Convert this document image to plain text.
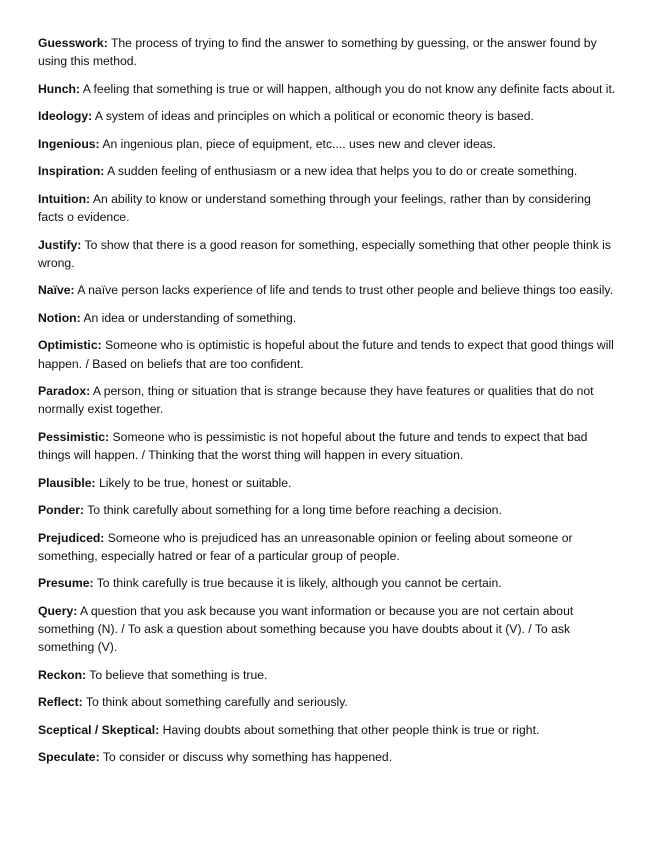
Guesswork: The process of trying to find the answer to something by guessing, or the answer found by using this method.

Hunch: A feeling that something is true or will happen, although you do not know any definite facts about it.

Ideology: A system of ideas and principles on which a political or economic theory is based.

Ingenious: An ingenious plan, piece of equipment, etc.... uses new and clever ideas.

Inspiration: A sudden feeling of enthusiasm or a new idea that helps you to do or create something.

Intuition: An ability to know or understand something through your feelings, rather than by considering facts o evidence.

Justify: To show that there is a good reason for something, especially something that other people think is wrong.

Naïve: A naïve person lacks experience of life and tends to trust other people and believe things too easily.

Notion: An idea or understanding of something.

Optimistic: Someone who is optimistic is hopeful about the future and tends to expect that good things will happen. / Based on beliefs that are too confident.

Paradox: A person, thing or situation that is strange because they have features or qualities that do not normally exist together.

Pessimistic: Someone who is pessimistic is not hopeful about the future and tends to expect that bad things will happen. / Thinking that the worst thing will happen in every situation.

Plausible: Likely to be true, honest or suitable.

Ponder: To think carefully about something for a long time before reaching a decision.

Prejudiced: Someone who is prejudiced has an unreasonable opinion or feeling about someone or something, especially hatred or fear of a particular group of people.

Presume: To think carefully is true because it is likely, although you cannot be certain.

Query: A question that you ask because you want information or because you are not certain about something (N). / To ask a question about something because you have doubts about it (V). / To ask something (V).

Reckon: To believe that something is true.

Reflect: To think about something carefully and seriously.

Sceptical / Skeptical: Having doubts about something that other people think is true or right.

Speculate: To consider or discuss why something has happened.
